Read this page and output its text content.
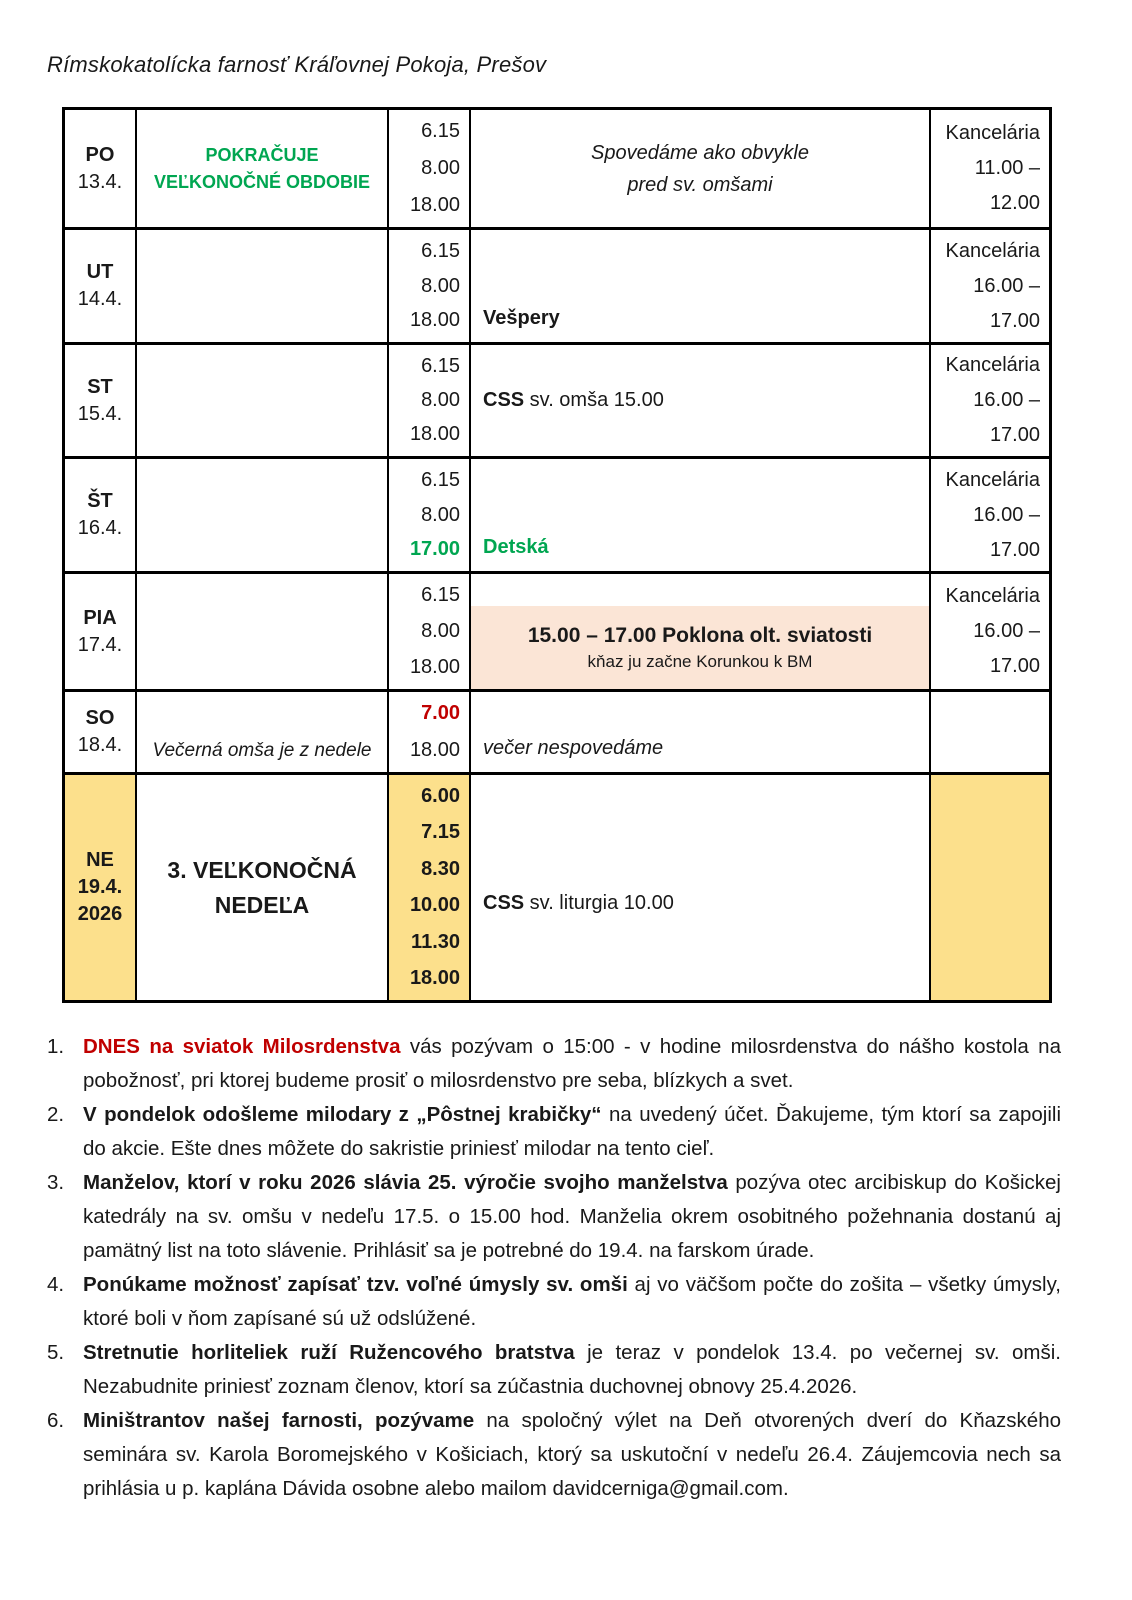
Rímskokatolícka farnosť Kráľovnej Pokoja, Prešov
PO
13.4.
POKRAČUJE
VEĽKONOČNÉ OBDOBIE
6.15
8.00
18.00
Spovedáme ako obvykle
pred sv. omšami
Kancelária
11.00 – 12.00
UT
14.4.
6.15
8.00
18.00 Vešpery
Kancelária
16.00 – 17.00
ST
15.4.
6.15
8.00
18.00
CSS sv. omša 15.00
Kancelária
16.00 – 17.00
ŠT
16.4.
6.15
8.00
17.00 Detská
Kancelária
16.00 – 17.00
PIA
17.4.
6.15
8.00
18.00
15.00 – 17.00 Poklona olt. sviatosti
kňaz ju začne Korunkou k BM
Kancelária
16.00 – 17.00
SO
18.4. Večerná omša je z nedele
7.00
18.00 večer nespovedáme
NE
19.4.
2026
3. VEĽKONOČNÁ
NEDEĽA
6.00
7.15
8.30
10.00
11.30
18.00
CSS sv. liturgia 10.00
1. DNES na sviatok Milosrdenstva vás pozývam o 15:00 - v hodine milosrdenstva do nášho kostola na pobožnosť, pri ktorej budeme prosiť o milosrdenstvo pre seba, blízkych a svet.
2. V pondelok odošleme milodary z „Pôstnej krabičky“ na uvedený účet. Ďakujeme, tým ktorí sa zapojili do akcie. Ešte dnes môžete do sakristie priniesť milodar na tento cieľ.
3. Manželov, ktorí v roku 2026 slávia 25. výročie svojho manželstva pozýva otec arcibiskup do Košickej katedrály na sv. omšu v nedeľu 17.5. o 15.00 hod. Manželia okrem osobitného požehnania dostanú aj pamätný list na toto slávenie. Prihlásiť sa je potrebné do 19.4. na farskom úrade.
4. Ponúkame možnosť zapísať tzv. voľné úmysly sv. omši aj vo väčšom počte do zošita – všetky úmysly, ktoré boli v ňom zapísané sú už odslúžené.
5. Stretnutie horliteliek ruží Ružencového bratstva je teraz v pondelok 13.4. po večernej sv. omši. Nezabudnite priniesť zoznam členov, ktorí sa zúčastnia duchovnej obnovy 25.4.2026.
6. Miništrantov našej farnosti, pozývame na spoločný výlet na Deň otvorených dverí do Kňazského seminára sv. Karola Boromejského v Košiciach, ktorý sa uskutoční v nedeľu 26.4. Záujemcovia nech sa prihlásia u p. kaplána Dávida osobne alebo mailom davidcerniga@gmail.com.
